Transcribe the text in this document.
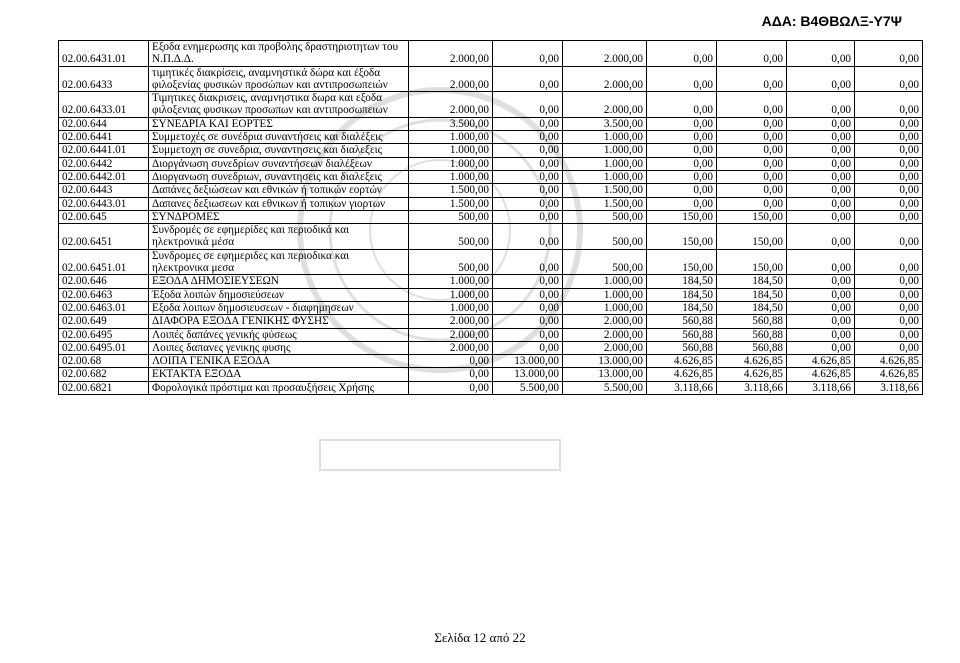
ΑΔΑ: Β4ΘΒΩΛΞ-Υ7Ψ
02.00.6431.01	Εξοδα ενημερωσης και προβολης δραστηριοτητων του Ν.Π.Δ.Δ.	2.000,00	0,00	2.000,00	0,00	0,00	0,00	0,00
02.00.6433	τιμητικές διακρίσεις, αναμνηστικά δώρα και έξοδα φιλοξενίας φυσικών προσώπων και αντιπροσωπειών	2.000,00	0,00	2.000,00	0,00	0,00	0,00	0,00
02.00.6433.01	Τιμητικες διακρισεις, αναμνηστικα δωρα και εξοδα φιλοξενιας φυσικων προσωπων και αντιπροσωπειων	2.000,00	0,00	2.000,00	0,00	0,00	0,00	0,00
02.00.644	ΣΥΝΕΔΡΙΑ ΚΑΙ ΕΟΡΤΕΣ	3.500,00	0,00	3.500,00	0,00	0,00	0,00	0,00
02.00.6441	Συμμετοχές σε συνέδρια συναντήσεις και διαλέξεις	1.000,00	0,00	1.000,00	0,00	0,00	0,00	0,00
02.00.6441.01	Συμμετοχη σε συνεδρια, συναντησεις και διαλεξεις	1.000,00	0,00	1.000,00	0,00	0,00	0,00	0,00
02.00.6442	Διοργάνωση συνεδρίων συναντήσεων διαλέξεων	1.000,00	0,00	1.000,00	0,00	0,00	0,00	0,00
02.00.6442.01	Διοργανωση συνεδριων, συναντησεις και διαλεξεις	1.000,00	0,00	1.000,00	0,00	0,00	0,00	0,00
02.00.6443	Δαπάνες δεξιώσεων και εθνικών ή τοπικών εορτών	1.500,00	0,00	1.500,00	0,00	0,00	0,00	0,00
02.00.6443.01	Δαπανες δεξιωσεων και εθνικων ή τοπικων γιορτων	1.500,00	0,00	1.500,00	0,00	0,00	0,00	0,00
02.00.645	ΣΥΝΔΡΟΜΕΣ	500,00	0,00	500,00	150,00	150,00	0,00	0,00
02.00.6451	Συνδρομές σε εφημερίδες και περιοδικά και ηλεκτρονικά μέσα	500,00	0,00	500,00	150,00	150,00	0,00	0,00
02.00.6451.01	Συνδρομες σε εφημεριδες και περιοδικα και ηλεκτρονικα μεσα	500,00	0,00	500,00	150,00	150,00	0,00	0,00
02.00.646	ΕΞΟΔΑ ΔΗΜΟΣΙΕΥΣΕΩΝ	1.000,00	0,00	1.000,00	184,50	184,50	0,00	0,00
02.00.6463	Έξοδα λοιπών δημοσιεύσεων	1.000,00	0,00	1.000,00	184,50	184,50	0,00	0,00
02.00.6463.01	Εξοδα λοιπων δημοσιευσεων - διαφημησεων	1.000,00	0,00	1.000,00	184,50	184,50	0,00	0,00
02.00.649	ΔΙΑΦΟΡΑ ΕΞΟΔΑ ΓΕΝΙΚΗΣ ΦΥΣΗΣ	2.000,00	0,00	2.000,00	560,88	560,88	0,00	0,00
02.00.6495	Λοιπές δαπάνες γενικής φύσεως	2.000,00	0,00	2.000,00	560,88	560,88	0,00	0,00
02.00.6495.01	Λοιπες δαπανες γενικης φυσης	2.000,00	0,00	2.000,00	560,88	560,88	0,00	0,00
02.00.68	ΛΟΙΠΑ ΓΕΝΙΚΑ ΕΞΟΔΑ	0,00	13.000,00	13.000,00	4.626,85	4.626,85	4.626,85	4.626,85
02.00.682	ΕΚΤΑΚΤΑ ΕΞΟΔΑ	0,00	13.000,00	13.000,00	4.626,85	4.626,85	4.626,85	4.626,85
02.00.6821	Φορολογικά πρόστιμα και προσαυξήσεις Χρήσης	0,00	5.500,00	5.500,00	3.118,66	3.118,66	3.118,66	3.118,66
Σελίδα 12 από 22
